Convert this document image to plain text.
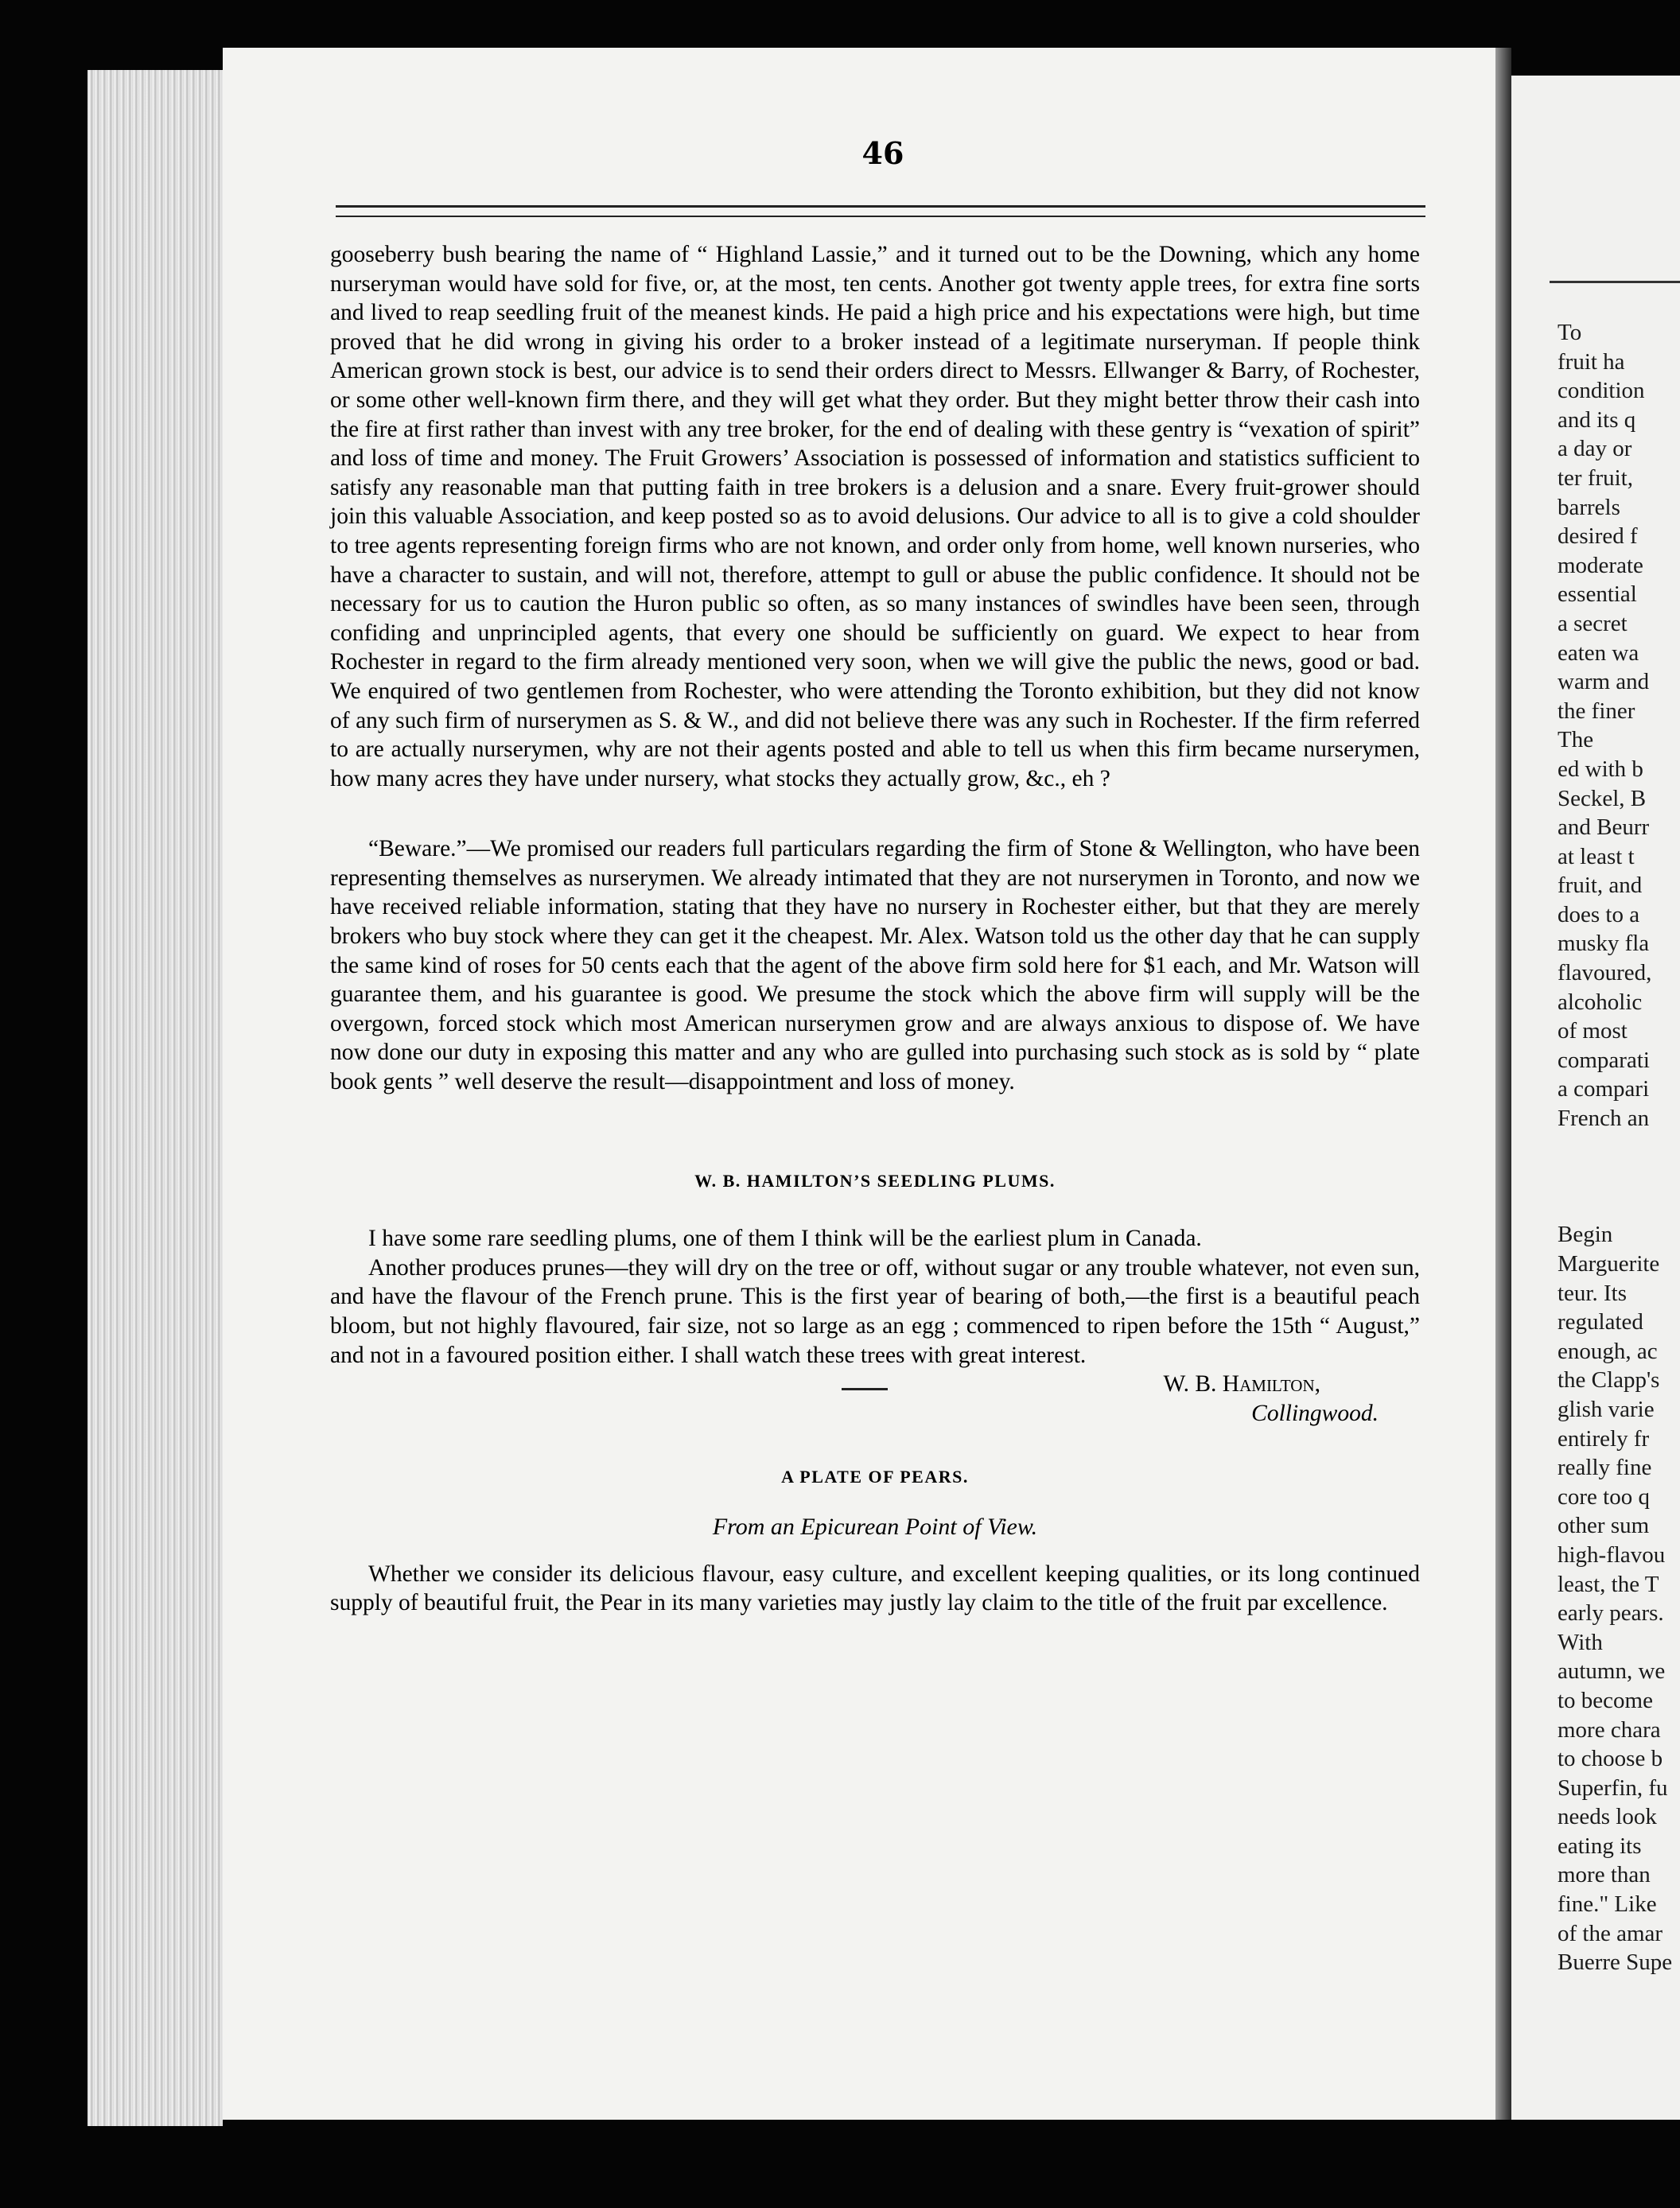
To
fruit ha
condition
and its q
a day or
ter fruit,
barrels
desired f
moderate
essential
a secret
eaten wa
warm and
the finer
The
ed with b
Seckel, B
and Beurr
at least t
fruit, and
does to a
musky fla
flavoured,
alcoholic
of most
comparati
a compari
French an

Begin
Marguerite
teur. Its
regulated
enough, ac
the Clapp's
glish varie
entirely fr
really fine
core too q
other sum
high-flavou
least, the T
early pears.
With
autumn, we
to become
more chara
to choose b
Superfin, fu
needs look
eating its
more than
fine." Like
of the amar
Buerre Supe
46

gooseberry bush bearing the name of “ Highland Lassie,” and it turned out to be the Downing, which any home nurseryman would have sold for five, or, at the most, ten cents. Another got twenty apple trees, for extra fine sorts and lived to reap seedling fruit of the meanest kinds. He paid a high price and his expectations were high, but time proved that he did wrong in giving his order to a broker instead of a legitimate nurseryman. If people think American grown stock is best, our advice is to send their orders direct to Messrs. Ellwanger & Barry, of Rochester, or some other well-known firm there, and they will get what they order. But they might better throw their cash into the fire at first rather than invest with any tree broker, for the end of dealing with these gentry is “vexation of spirit” and loss of time and money. The Fruit Growers’ Association is possessed of information and statistics sufficient to satisfy any reasonable man that putting faith in tree brokers is a delusion and a snare. Every fruit-grower should join this valuable Association, and keep posted so as to avoid delusions. Our advice to all is to give a cold shoulder to tree agents representing foreign firms who are not known, and order only from home, well known nurseries, who have a character to sustain, and will not, therefore, attempt to gull or abuse the public confidence. It should not be necessary for us to caution the Huron public so often, as so many instances of swindles have been seen, through confiding and unprincipled agents, that every one should be sufficiently on guard. We expect to hear from Rochester in regard to the firm already mentioned very soon, when we will give the public the news, good or bad. We enquired of two gentlemen from Rochester, who were attending the Toronto exhibition, but they did not know of any such firm of nurserymen as S. & W., and did not believe there was any such in Rochester. If the firm referred to are actually nurserymen, why are not their agents posted and able to tell us when this firm became nurserymen, how many acres they have under nursery, what stocks they actually grow, &c., eh ?

“Beware.”—We promised our readers full particulars regarding the firm of Stone & Wellington, who have been representing themselves as nurserymen. We already intimated that they are not nurserymen in Toronto, and now we have received reliable information, stating that they have no nursery in Rochester either, but that they are merely brokers who buy stock where they can get it the cheapest. Mr. Alex. Watson told us the other day that he can supply the same kind of roses for 50 cents each that the agent of the above firm sold here for $1 each, and Mr. Watson will guarantee them, and his guarantee is good. We presume the stock which the above firm will supply will be the overgown, forced stock which most American nurserymen grow and are always anxious to dispose of. We have now done our duty in exposing this matter and any who are gulled into purchasing such stock as is sold by “ plate book gents ” well deserve the result—disappointment and loss of money.

W. B. HAMILTON’S SEEDLING PLUMS.

I have some rare seedling plums, one of them I think will be the earliest plum in Canada.

Another produces prunes—they will dry on the tree or off, without sugar or any trouble whatever, not even sun, and have the flavour of the French prune. This is the first year of bearing of both,—the first is a beautiful peach bloom, but not highly flavoured, fair size, not so large as an egg ; commenced to ripen before the 15th “ August,” and not in a favoured position either. I shall watch these trees with great interest.

W. B. Hamilton,

Collingwood.

A PLATE OF PEARS.

From an Epicurean Point of View.

Whether we consider its delicious flavour, easy culture, and excellent keeping qualities, or its long continued supply of beautiful fruit, the Pear in its many varieties may justly lay claim to the title of the fruit par excellence.
